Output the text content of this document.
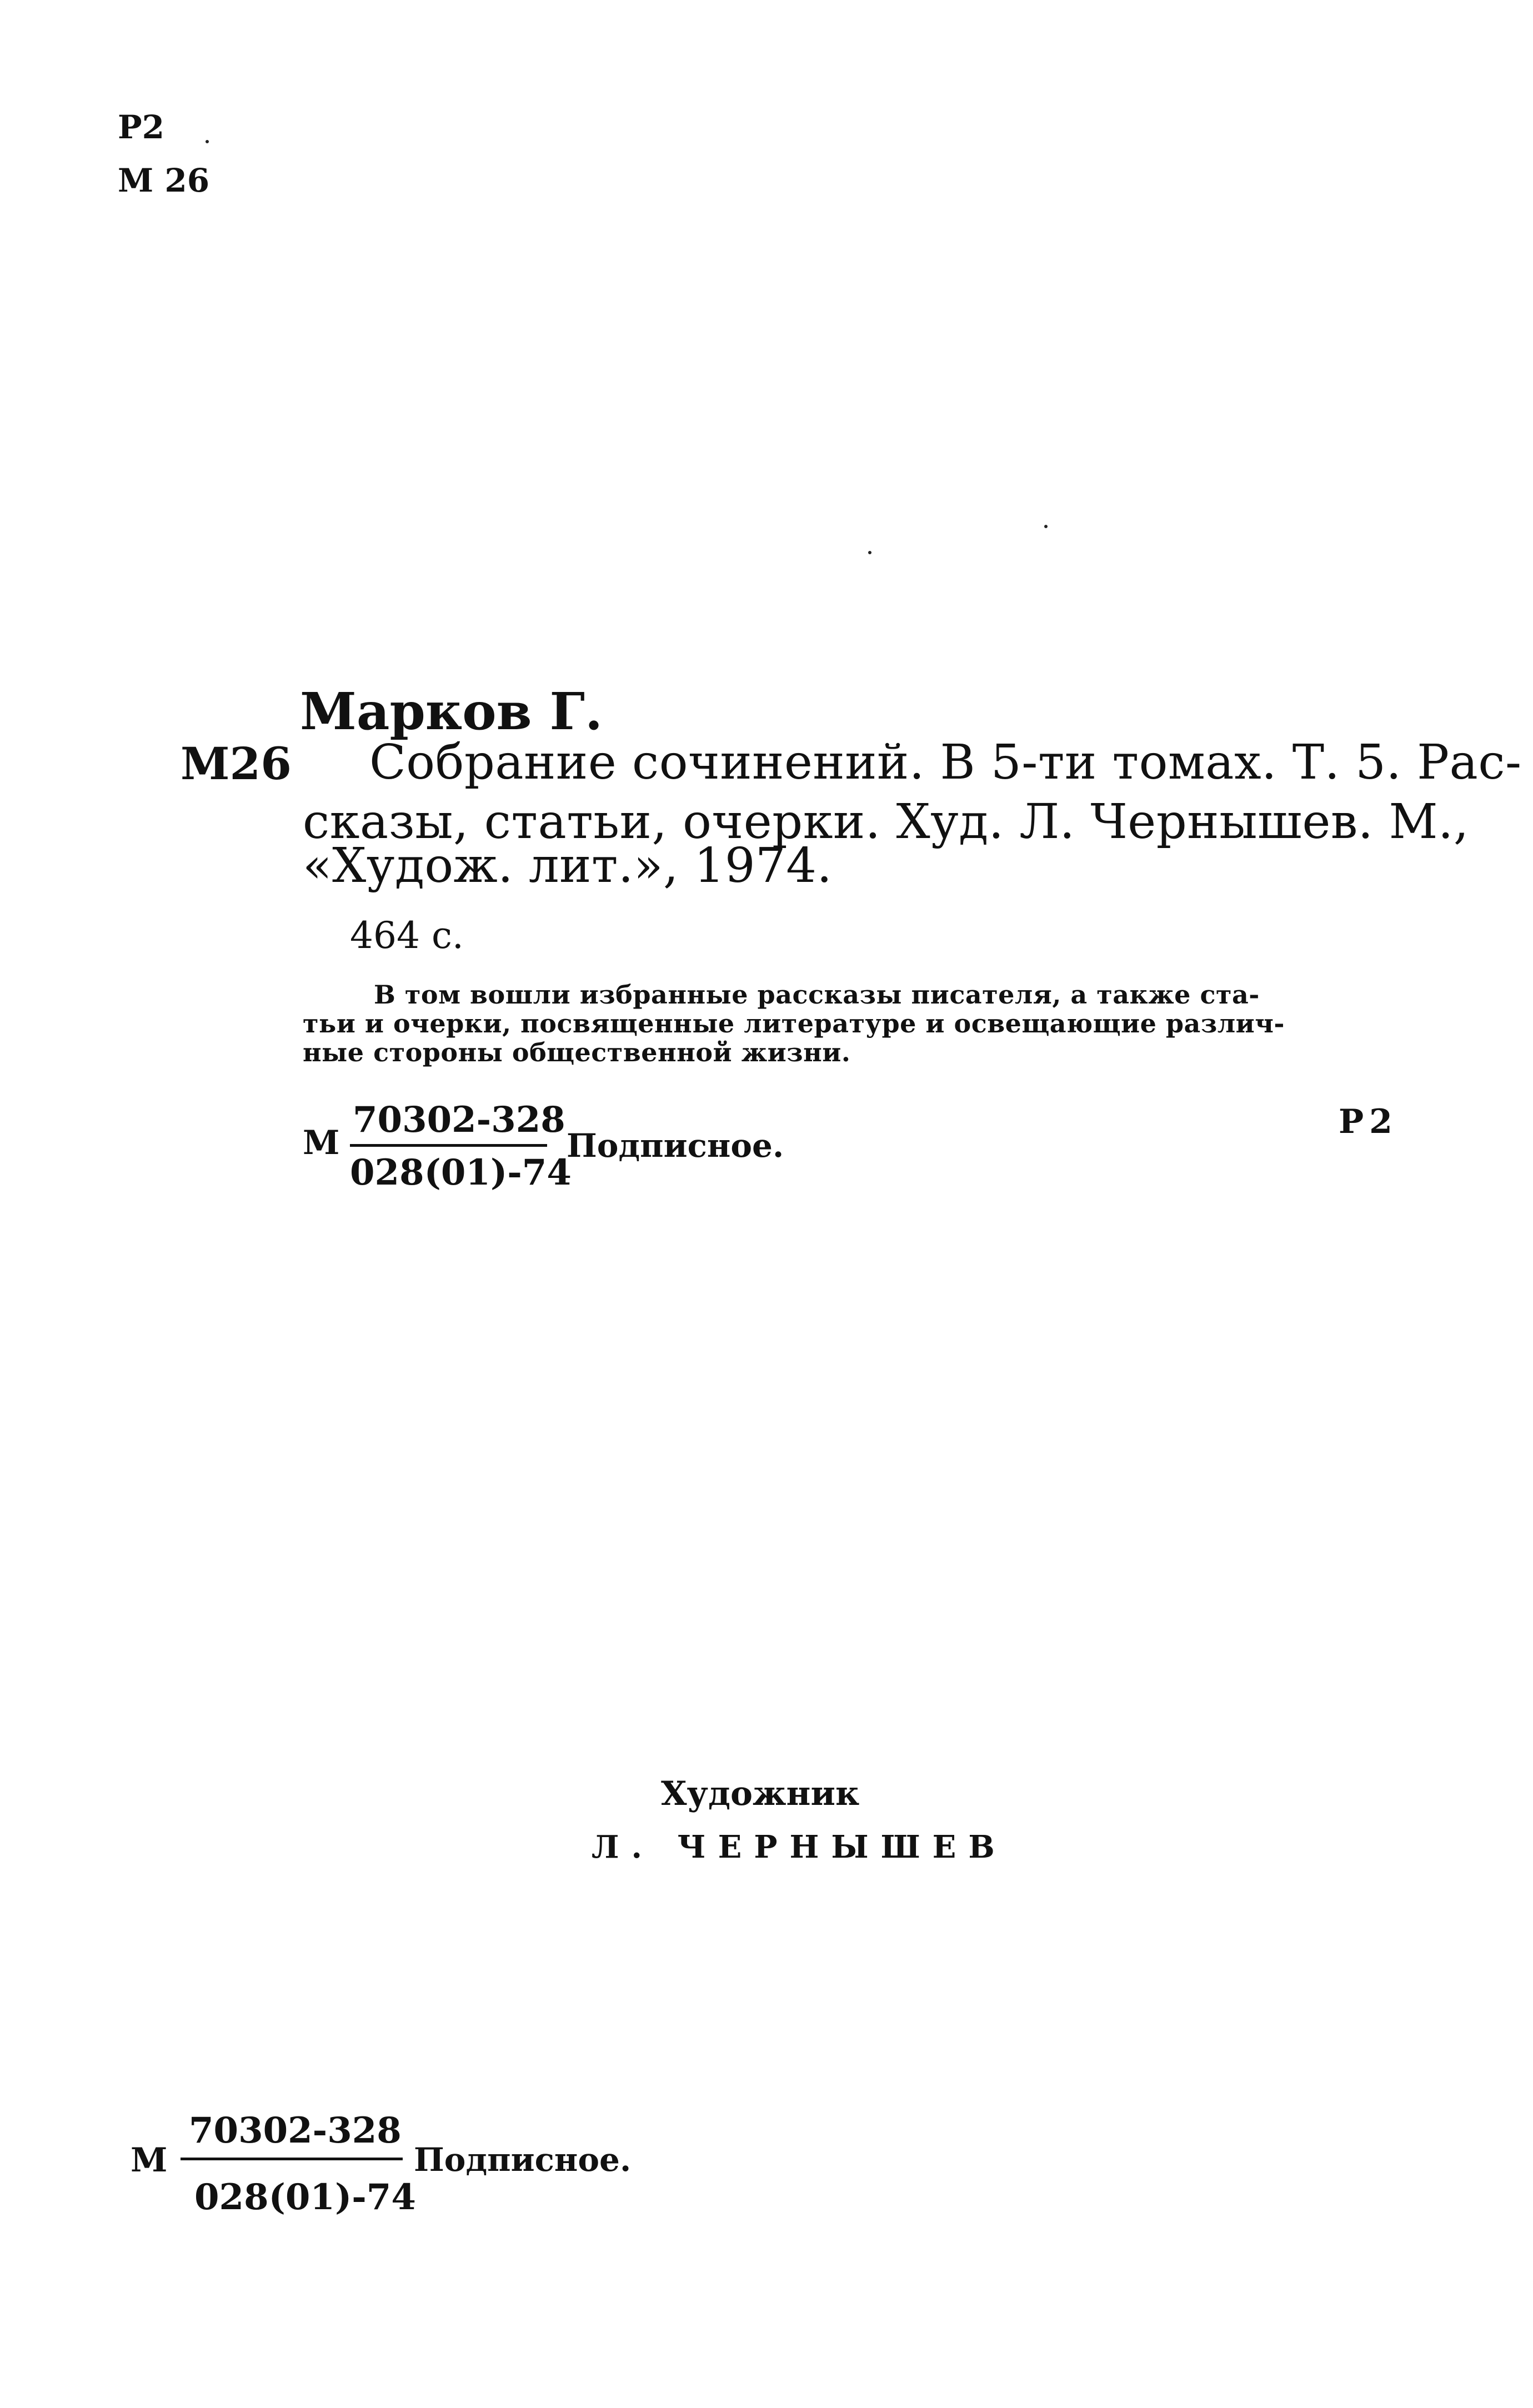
Р2
М 26
Марков Г.
М26 Собрание сочинений. В 5-ти томах. Т. 5. Рас-
сказы, статьи, очерки. Худ. Л. Чернышев. М.,
«Худож. лит.», 1974.
464 с.
В том вошли избранные рассказы писателя, а также ста-
тьи и очерки, посвященные литературе и освещающие различ-
ные стороны общественной жизни.
М
70302-328
028(01)-74
Подписное.
Р2
Художник
Л. ЧЕРНЫШЕВ
М
70302-328
028(01)-74
Подписное.
